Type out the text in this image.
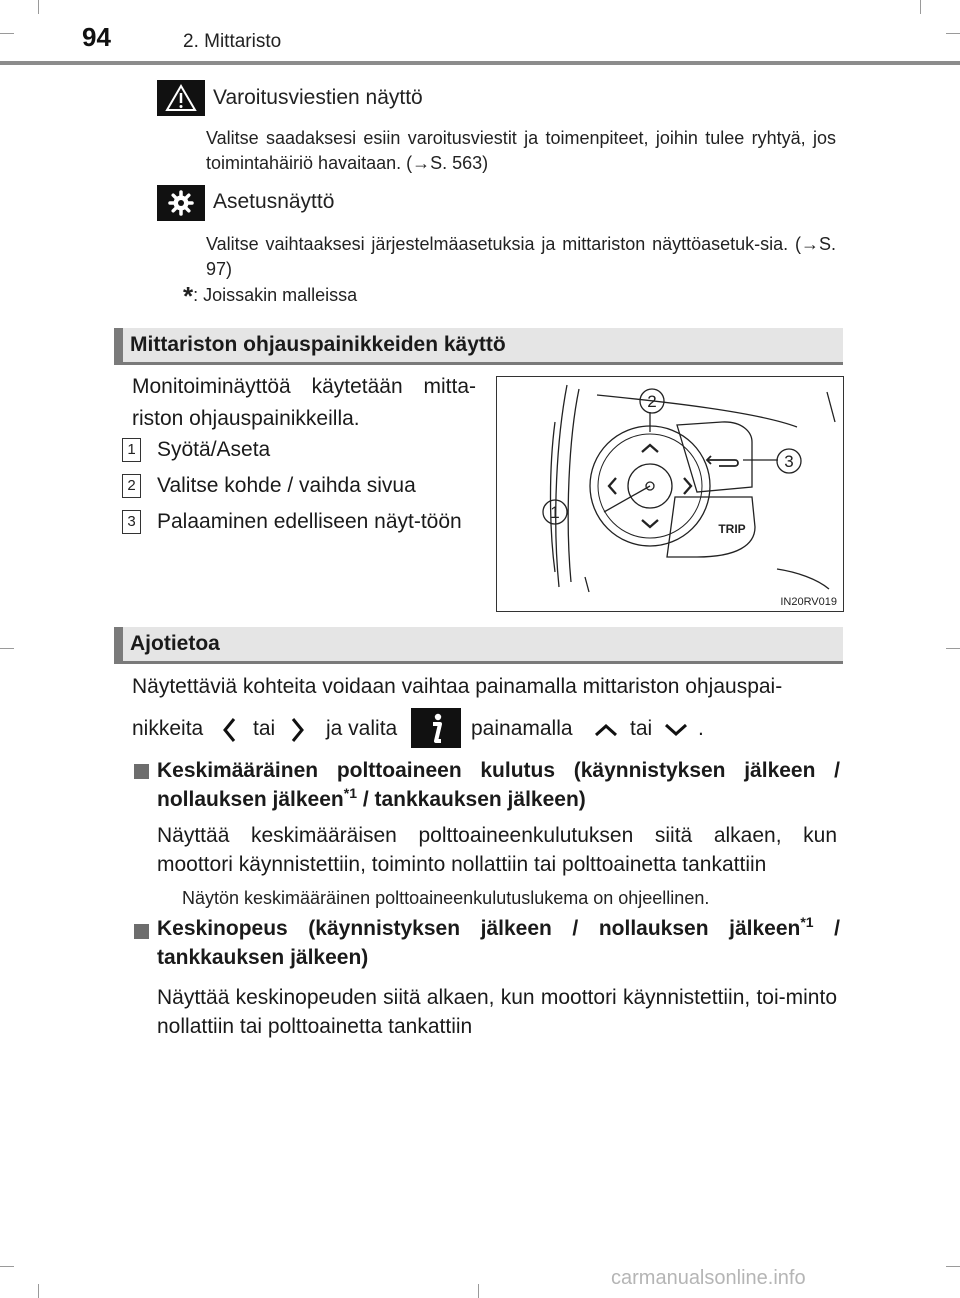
94	2. Mittaristo
Varoitusviestien näyttö
Valitse saadaksesi esiin varoitusviestit ja toimenpiteet, joihin tulee ryhtyä, jos toimintahäiriö havaitaan. (→S. 563)
Asetusnäyttö
Valitse vaihtaaksesi järjestelmäasetuksia ja mittariston näyttöasetuk-sia. (→S. 97)
*: Joissakin malleissa
Mittariston ohjauspainikkeiden käyttö
Monitoiminäyttöä käytetään mitta-riston ohjauspainikkeilla.
1 Syötä/Aseta
2 Valitse kohde / vaihda sivua
3 Palaaminen edelliseen näyt-töön	1
2
3
TRIP
IN20RV019
Ajotietoa
Näytettäviä kohteita voidaan vaihtaa painamalla mittariston ohjauspai-
nikkeita tai ja valita	painamalla	tai .
Keskimääräinen polttoaineen kulutus (käynnistyksen jälkeen / nollauksen jälkeen$^{*1}$ / tankkauksen jälkeen)
Näyttää keskimääräisen polttoaineenkulutuksen siitä alkaen, kun moottori käynnistettiin, toiminto nollattiin tai polttoainetta tankattiin
Näytön keskimääräinen polttoaineenkulutuslukema on ohjeellinen.
Keskinopeus (käynnistyksen jälkeen / nollauksen jälkeen$^{*1}$ / tankkauksen jälkeen)
Näyttää keskinopeuden siitä alkaen, kun moottori käynnistettiin, toi-minto nollattiin tai polttoainetta tankattiin
carmanualsonline.info
